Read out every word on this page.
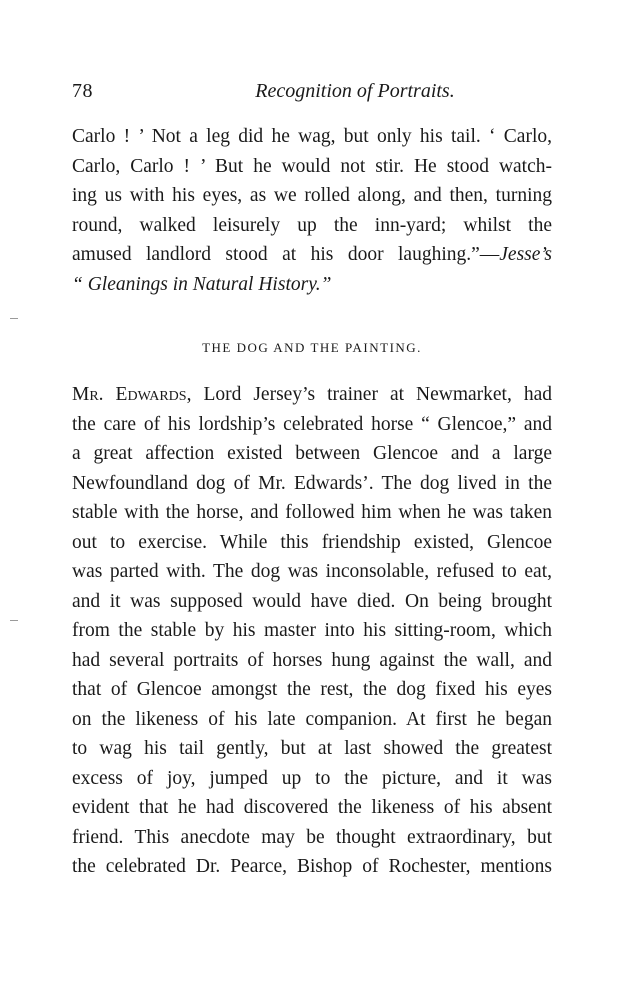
78	Recognition of Portraits.
Carlo ! ’ Not a leg did he wag, but only his tail. ‘ Carlo,
Carlo, Carlo ! ’ But he would not stir. He stood watch-
ing us with his eyes, as we rolled along, and then, turning
round, walked leisurely up the inn-yard; whilst the
amused landlord stood at his door laughing.”—Jesse’s
“ Gleanings in Natural History.”
THE DOG AND THE PAINTING.
Mr. Edwards, Lord Jersey’s trainer at Newmarket, had
the care of his lordship’s celebrated horse “ Glencoe,” and
a great affection existed between Glencoe and a large
Newfoundland dog of Mr. Edwards’. The dog lived in the
stable with the horse, and followed him when he was taken
out to exercise. While this friendship existed, Glencoe
was parted with. The dog was inconsolable, refused to eat,
and it was supposed would have died. On being brought
from the stable by his master into his sitting-room, which
had several portraits of horses hung against the wall, and
that of Glencoe amongst the rest, the dog fixed his eyes
on the likeness of his late companion. At first he began
to wag his tail gently, but at last showed the greatest
excess of joy, jumped up to the picture, and it was
evident that he had discovered the likeness of his absent
friend. This anecdote may be thought extraordinary, but
the celebrated Dr. Pearce, Bishop of Rochester, mentions
